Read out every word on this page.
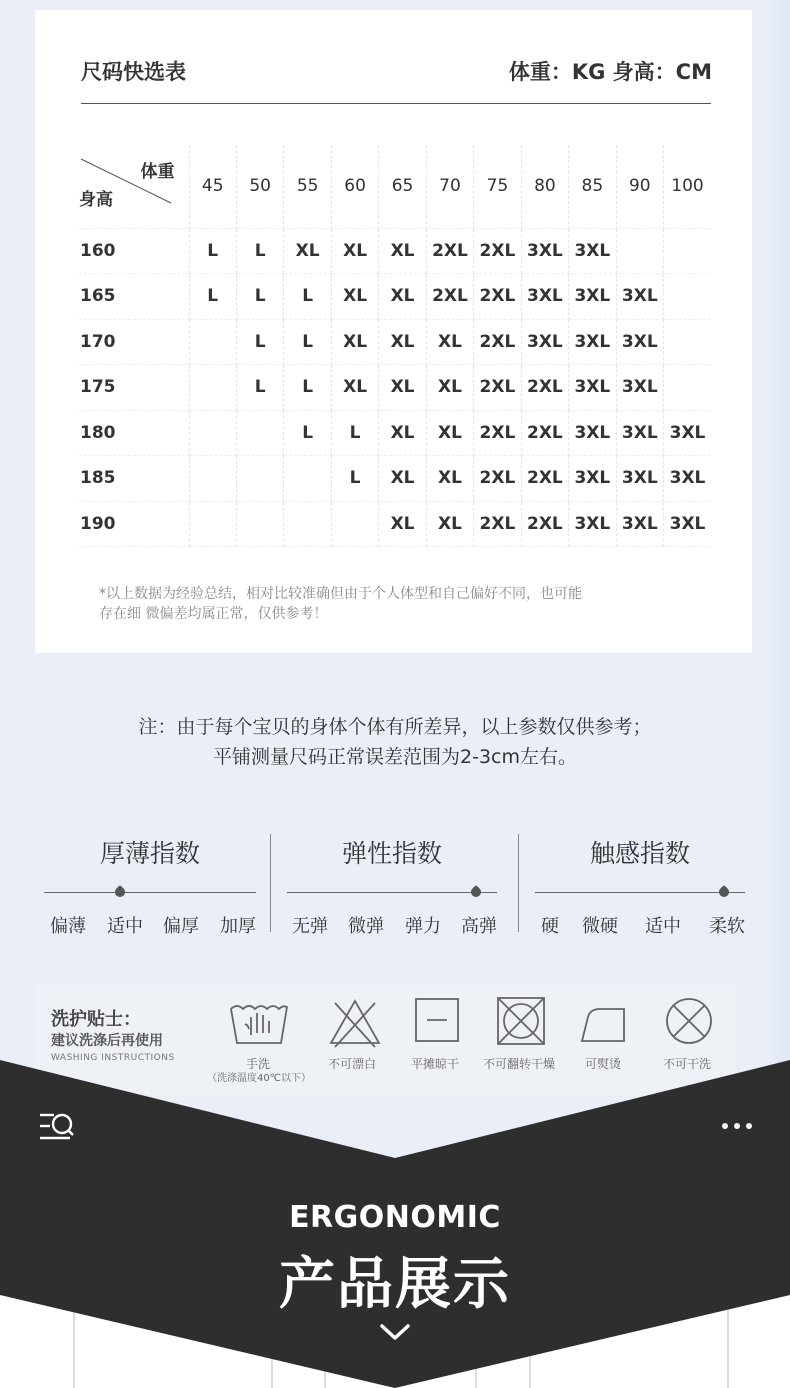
尺码快选表	体重：KG 身高：CM
体重
身高	45	50	55	60	65	70	75	80	85	90	100
160	L	L	XL	XL	XL	2XL	2XL	3XL	3XL		
165	L	L	L	XL	XL	2XL	2XL	3XL	3XL	3XL	
170		L	L	XL	XL	XL	2XL	3XL	3XL	3XL	
175		L	L	XL	XL	XL	2XL	2XL	3XL	3XL	
180			L	L	XL	XL	2XL	2XL	3XL	3XL	3XL
185				L	XL	XL	2XL	2XL	3XL	3XL	3XL
190					XL	XL	2XL	2XL	3XL	3XL	3XL
*以上数据为经验总结，相对比较准确但由于个人体型和自己偏好不同，也可能
存在细 微偏差均属正常，仅供参考！
注：由于每个宝贝的身体个体有所差异，以上参数仅供参考；
平铺测量尺码正常误差范围为2-3cm左右。
厚薄指数
偏薄 适中 偏厚 加厚
弹性指数
无弹 微弹 弹力 高弹
触感指数
硬 微硬 适中 柔软
洗护贴士：
建议洗涤后再使用
WASHING INSTRUCTIONS	手洗
（洗涤温度40℃以下）
不可漂白	平摊晾干 不可翻转干燥 可熨烫	不可干洗
ERGONOMIC
产品展示
